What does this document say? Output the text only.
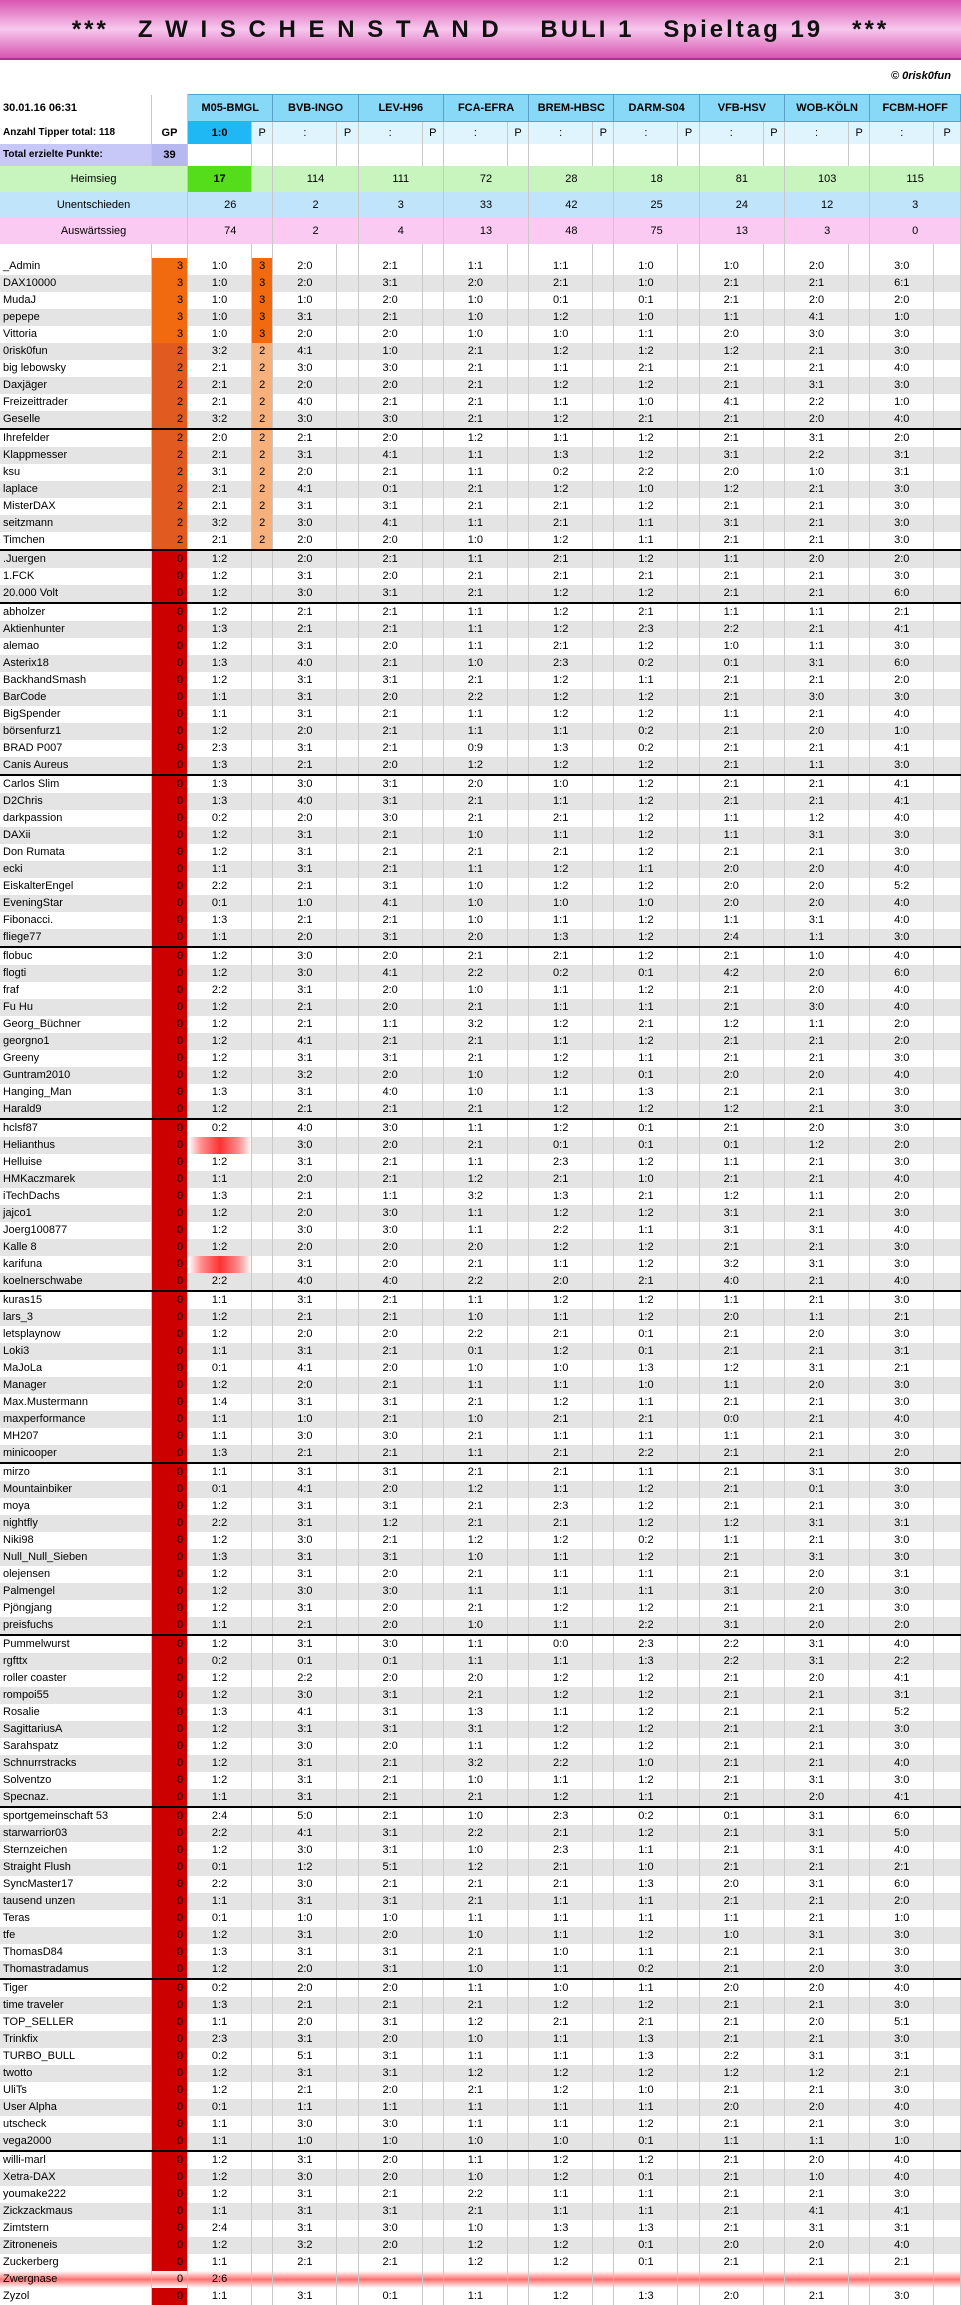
***   Z W I S C H E N S T A N D    BULI 1   Spieltag 19   ***
© 0risk0fun
30.01.16 06:31		M05-BMGL		BVB-INGO		LEV-H96		FCA-EFRA		BREM-HBSC		DARM-S04		VFB-HSV		WOB-KÖLN		FCBM-HOFF	
Anzahl Tipper total: 118	GP	1:0	P	:	P	:	P	:	P	:	P	:	P	:	P	:	P	:	P
Total erzielte Punkte:	39																		
Heimsieg		17		114		111		72		28		18		81		103		115	
Unentschieden		26		2		3		33		42		25		24		12		3	
Auswärtssieg		74		2		4		13		48		75		13		3		0	

_Admin	3	1:0	3	2:0		2:1		1:1		1:1		1:0		1:0		2:0		3:0	
DAX10000	3	1:0	3	2:0		3:1		2:0		2:1		1:0		2:1		2:1		6:1	
MudaJ	3	1:0	3	1:0		2:0		1:0		0:1		0:1		2:1		2:0		2:0	
pepepe	3	1:0	3	3:1		2:1		1:0		1:2		1:0		1:1		4:1		1:0	
Vittoria	3	1:0	3	2:0		2:0		1:0		1:0		1:1		2:0		3:0		3:0	
0risk0fun	2	3:2	2	4:1		1:0		2:1		1:2		1:2		1:2		2:1		3:0	
big lebowsky	2	2:1	2	3:0		3:0		2:1		1:1		2:1		2:1		2:1		4:0	
Daxjäger	2	2:1	2	2:0		2:0		2:1		1:2		1:2		2:1		3:1		3:0	
Freizeittrader	2	2:1	2	4:0		2:1		2:1		1:1		1:0		4:1		2:2		1:0	
Geselle	2	3:2	2	3:0		3:0		2:1		1:2		2:1		2:1		2:0		4:0	
Ihrefelder	2	2:0	2	2:1		2:0		1:2		1:1		1:2		2:1		3:1		2:0	
Klappmesser	2	2:1	2	3:1		4:1		1:1		1:3		1:2		3:1		2:2		3:1	
ksu	2	3:1	2	2:0		2:1		1:1		0:2		2:2		2:0		1:0		3:1	
laplace	2	2:1	2	4:1		0:1		2:1		1:2		1:0		1:2		2:1		3:0	
MisterDAX	2	2:1	2	3:1		3:1		2:1		2:1		1:2		2:1		2:1		3:0	
seitzmann	2	3:2	2	3:0		4:1		1:1		2:1		1:1		3:1		2:1		3:0	
Timchen	2	2:1	2	2:0		2:0		1:0		1:2		1:1		2:1		2:1		3:0	
.Juergen	0	1:2		2:0		2:1		1:1		2:1		1:2		1:1		2:0		2:0	
1.FCK	0	1:2		3:1		2:0		2:1		2:1		2:1		2:1		2:1		3:0	
20.000 Volt	0	1:2		3:0		3:1		2:1		1:2		1:2		2:1		2:1		6:0	
abholzer	0	1:2		2:1		2:1		1:1		1:2		2:1		1:1		1:1		2:1	
Aktienhunter	0	1:3		2:1		2:1		1:1		1:2		2:3		2:2		2:1		4:1	
alemao	0	1:2		3:1		2:0		1:1		2:1		1:2		1:0		1:1		3:0	
Asterix18	0	1:3		4:0		2:1		1:0		2:3		0:2		0:1		3:1		6:0	
BackhandSmash	0	1:2		3:1		3:1		2:1		1:2		1:1		2:1		2:1		2:0	
BarCode	0	1:1		3:1		2:0		2:2		1:2		1:2		2:1		3:0		3:0	
BigSpender	0	1:1		3:1		2:1		1:1		1:2		1:2		1:1		2:1		4:0	
börsenfurz1	0	1:2		2:0		2:1		1:1		1:1		0:2		2:1		2:0		1:0	
BRAD P007	0	2:3		3:1		2:1		0:9		1:3		0:2		2:1		2:1		4:1	
Canis Aureus	0	1:3		2:1		2:0		1:2		1:2		1:2		2:1		1:1		3:0	
Carlos Slim	0	1:3		3:0		3:1		2:0		1:0		1:2		2:1		2:1		4:1	
D2Chris	0	1:3		4:0		3:1		2:1		1:1		1:2		2:1		2:1		4:1	
darkpassion	0	0:2		2:0		3:0		2:1		2:1		1:2		1:1		1:2		4:0	
DAXii	0	1:2		3:1		2:1		1:0		1:1		1:2		1:1		3:1		3:0	
Don Rumata	0	1:2		3:1		2:1		2:1		2:1		1:2		2:1		2:1		3:0	
ecki	0	1:1		3:1		2:1		1:1		1:2		1:1		2:0		2:0		4:0	
EiskalterEngel	0	2:2		2:1		3:1		1:0		1:2		1:2		2:0		2:0		5:2	
EveningStar	0	0:1		1:0		4:1		1:0		1:0		1:0		2:0		2:0		4:0	
Fibonacci.	0	1:3		2:1		2:1		1:0		1:1		1:2		1:1		3:1		4:0	
fliege77	0	1:1		2:0		3:1		2:0		1:3		1:2		2:4		1:1		3:0	
flobuc	0	1:2		3:0		2:0		2:1		2:1		1:2		2:1		1:0		4:0	
flogti	0	1:2		3:0		4:1		2:2		0:2		0:1		4:2		2:0		6:0	
fraf	0	2:2		3:1		2:0		1:0		1:1		1:2		2:1		2:0		4:0	
Fu Hu	0	1:2		2:1		2:0		2:1		1:1		1:1		2:1		3:0		4:0	
Georg_Büchner	0	1:2		2:1		1:1		3:2		1:2		2:1		1:2		1:1		2:0	
georgno1	0	1:2		4:1		2:1		2:1		1:1		1:2		2:1		2:1		2:0	
Greeny	0	1:2		3:1		3:1		2:1		1:2		1:1		2:1		2:1		3:0	
Guntram2010	0	1:2		3:2		2:0		1:0		1:2		0:1		2:0		2:0		4:0	
Hanging_Man	0	1:3		3:1		4:0		1:0		1:1		1:3		2:1		2:1		3:0	
Harald9	0	1:2		2:1		2:1		2:1		1:2		1:2		1:2		2:1		3:0	
hclsf87	0	0:2		4:0		3:0		1:1		1:2		0:1		2:1		2:0		3:0	
Helianthus	0			3:0		2:0		2:1		0:1		0:1		0:1		1:2		2:0	
Helluise	0	1:2		3:1		2:1		1:1		2:3		1:2		1:1		2:1		3:0	
HMKaczmarek	0	1:1		2:0		2:1		1:2		2:1		1:0		2:1		2:1		4:0	
iTechDachs	0	1:3		2:1		1:1		3:2		1:3		2:1		1:2		1:1		2:0	
jajco1	0	1:2		2:0		3:0		1:1		1:2		1:2		3:1		2:1		3:0	
Joerg100877	0	1:2		3:0		3:0		1:1		2:2		1:1		3:1		3:1		4:0	
Kalle 8	0	1:2		2:0		2:0		2:0		1:2		1:2		2:1		2:1		3:0	
karifuna	0			3:1		2:0		2:1		1:1		1:2		3:2		3:1		3:0	
koelnerschwabe	0	2:2		4:0		4:0		2:2		2:0		2:1		4:0		2:1		4:0	
kuras15	0	1:1		3:1		2:1		1:1		1:2		1:2		1:1		2:1		3:0	
lars_3	0	1:2		2:1		2:1		1:0		1:1		1:2		2:0		1:1		2:1	
letsplaynow	0	1:2		2:0		2:0		2:2		2:1		0:1		2:1		2:0		3:0	
Loki3	0	1:1		3:1		2:1		0:1		1:2		0:1		2:1		2:1		3:1	
MaJoLa	0	0:1		4:1		2:0		1:0		1:0		1:3		1:2		3:1		2:1	
Manager	0	1:2		2:0		2:1		1:1		1:1		1:0		1:1		2:0		3:0	
Max.Mustermann	0	1:4		3:1		3:1		2:1		1:2		1:1		2:1		2:1		3:0	
maxperformance	0	1:1		1:0		2:1		1:0		2:1		2:1		0:0		2:1		4:0	
MH207	0	1:1		3:0		3:0		2:1		1:1		1:1		1:1		2:1		3:0	
minicooper	0	1:3		2:1		2:1		1:1		2:1		2:2		2:1		2:1		2:0	
mirzo	0	1:1		3:1		3:1		2:1		2:1		1:1		2:1		3:1		3:0	
Mountainbiker	0	0:1		4:1		2:0		1:2		1:1		1:2		2:1		0:1		3:0	
moya	0	1:2		3:1		3:1		2:1		2:3		1:2		2:1		2:1		3:0	
nightfly	0	2:2		3:1		1:2		2:1		2:1		1:2		1:2		3:1		3:1	
Niki98	0	1:2		3:0		2:1		1:2		1:2		0:2		1:1		2:1		3:0	
Null_Null_Sieben	0	1:3		3:1		3:1		1:0		1:1		1:2		2:1		3:1		3:0	
olejensen	0	1:2		3:1		2:0		2:1		1:1		1:1		2:1		2:0		3:1	
Palmengel	0	1:2		3:0		3:0		1:1		1:1		1:1		3:1		2:0		3:0	
Pjöngjang	0	1:2		3:1		2:0		2:1		1:2		1:2		2:1		2:1		3:0	
preisfuchs	0	1:1		2:1		2:0		1:0		1:1		2:2		3:1		2:0		2:0	
Pummelwurst	0	1:2		3:1		3:0		1:1		0:0		2:3		2:2		3:1		4:0	
rgfttx	0	0:2		0:1		0:1		1:1		1:1		1:3		2:2		3:1		2:2	
roller coaster	0	1:2		2:2		2:0		2:0		1:2		1:2		2:1		2:0		4:1	
rompoi55	0	1:2		3:0		3:1		2:1		1:2		1:2		2:1		2:1		3:1	
Rosalie	0	1:3		4:1		3:1		1:3		1:1		1:2		2:1		2:1		5:2	
SagittariusA	0	1:2		3:1		3:1		3:1		1:2		1:2		2:1		2:1		3:0	
Sarahspatz	0	1:2		3:0		2:0		1:1		1:2		1:2		2:1		2:1		3:0	
Schnurrstracks	0	1:2		3:1		2:1		3:2		2:2		1:0		2:1		2:1		4:0	
Solventzo	0	1:2		3:1		2:1		1:0		1:1		1:2		2:1		3:1		3:0	
Specnaz.	0	1:1		3:1		2:1		2:1		1:2		1:1		2:1		2:0		4:1	
sportgemeinschaft 53	0	2:4		5:0		2:1		1:0		2:3		0:2		0:1		3:1		6:0	
starwarrior03	0	2:2		4:1		3:1		2:2		2:1		1:2		2:1		3:1		5:0	
Sternzeichen	0	1:2		3:0		3:1		1:0		2:3		1:1		2:1		3:1		4:0	
Straight Flush	0	0:1		1:2		5:1		1:2		2:1		1:0		2:1		2:1		2:1	
SyncMaster17	0	2:2		3:0		2:1		2:1		2:1		1:3		2:0		3:1		6:0	
tausend unzen	0	1:1		3:1		3:1		2:1		1:1		1:1		2:1		2:1		2:0	
Teras	0	0:1		1:0		1:0		1:1		1:1		1:1		1:1		2:1		1:0	
tfe	0	1:2		3:1		2:0		1:0		1:1		1:2		1:0		3:1		3:0	
ThomasD84	0	1:3		3:1		3:1		2:1		1:0		1:1		2:1		2:1		3:0	
Thomastradamus	0	1:2		2:0		3:1		1:0		1:1		0:2		2:1		2:0		3:0	
Tiger	0	0:2		2:0		2:0		1:1		1:0		1:1		2:0		2:0		4:0	
time traveler	0	1:3		2:1		2:1		2:1		1:2		1:2		2:1		2:1		3:0	
TOP_SELLER	0	1:1		2:0		3:1		1:2		2:1		2:1		2:1		2:0		5:1	
Trinkfix	0	2:3		3:1		2:0		1:0		1:1		1:3		2:1		2:1		3:0	
TURBO_BULL	0	0:2		5:1		3:1		1:1		1:1		1:3		2:2		3:1		3:1	
twotto	0	1:2		3:1		3:1		1:2		1:2		1:2		1:2		1:2		2:1	
UliTs	0	1:2		2:1		2:0		2:1		1:2		1:0		2:1		2:1		3:0	
User Alpha	0	0:1		1:1		1:1		1:1		1:1		1:1		2:0		2:0		4:0	
utscheck	0	1:1		3:0		3:0		1:1		1:1		1:2		2:1		2:1		3:0	
vega2000	0	1:1		1:0		1:0		1:0		1:0		0:1		1:1		1:1		1:0	
willi-marl	0	1:2		3:1		2:0		1:1		1:2		1:2		2:1		2:0		4:0	
Xetra-DAX	0	1:2		3:0		2:0		1:0		1:2		0:1		2:1		1:0		4:0	
youmake222	0	1:2		3:1		2:1		2:2		1:1		1:1		2:1		2:1		3:0	
Zickzackmaus	0	1:1		3:1		3:1		2:1		1:1		1:1		2:1		4:1		4:1	
Zimtstern	0	2:4		3:1		3:0		1:0		1:3		1:3		2:1		3:1		3:1	
Zitroneneis	0	1:2		3:2		2:0		1:2		1:2		0:1		2:0		2:0		4:0	
Zuckerberg	0	1:1		2:1		2:1		1:2		1:2		0:1		2:1		2:1		2:1	
Zwergnase	0	2:6																	
Zyzol	0	1:1		3:1		0:1		1:1		1:2		1:3		2:0		2:1		3:0	
